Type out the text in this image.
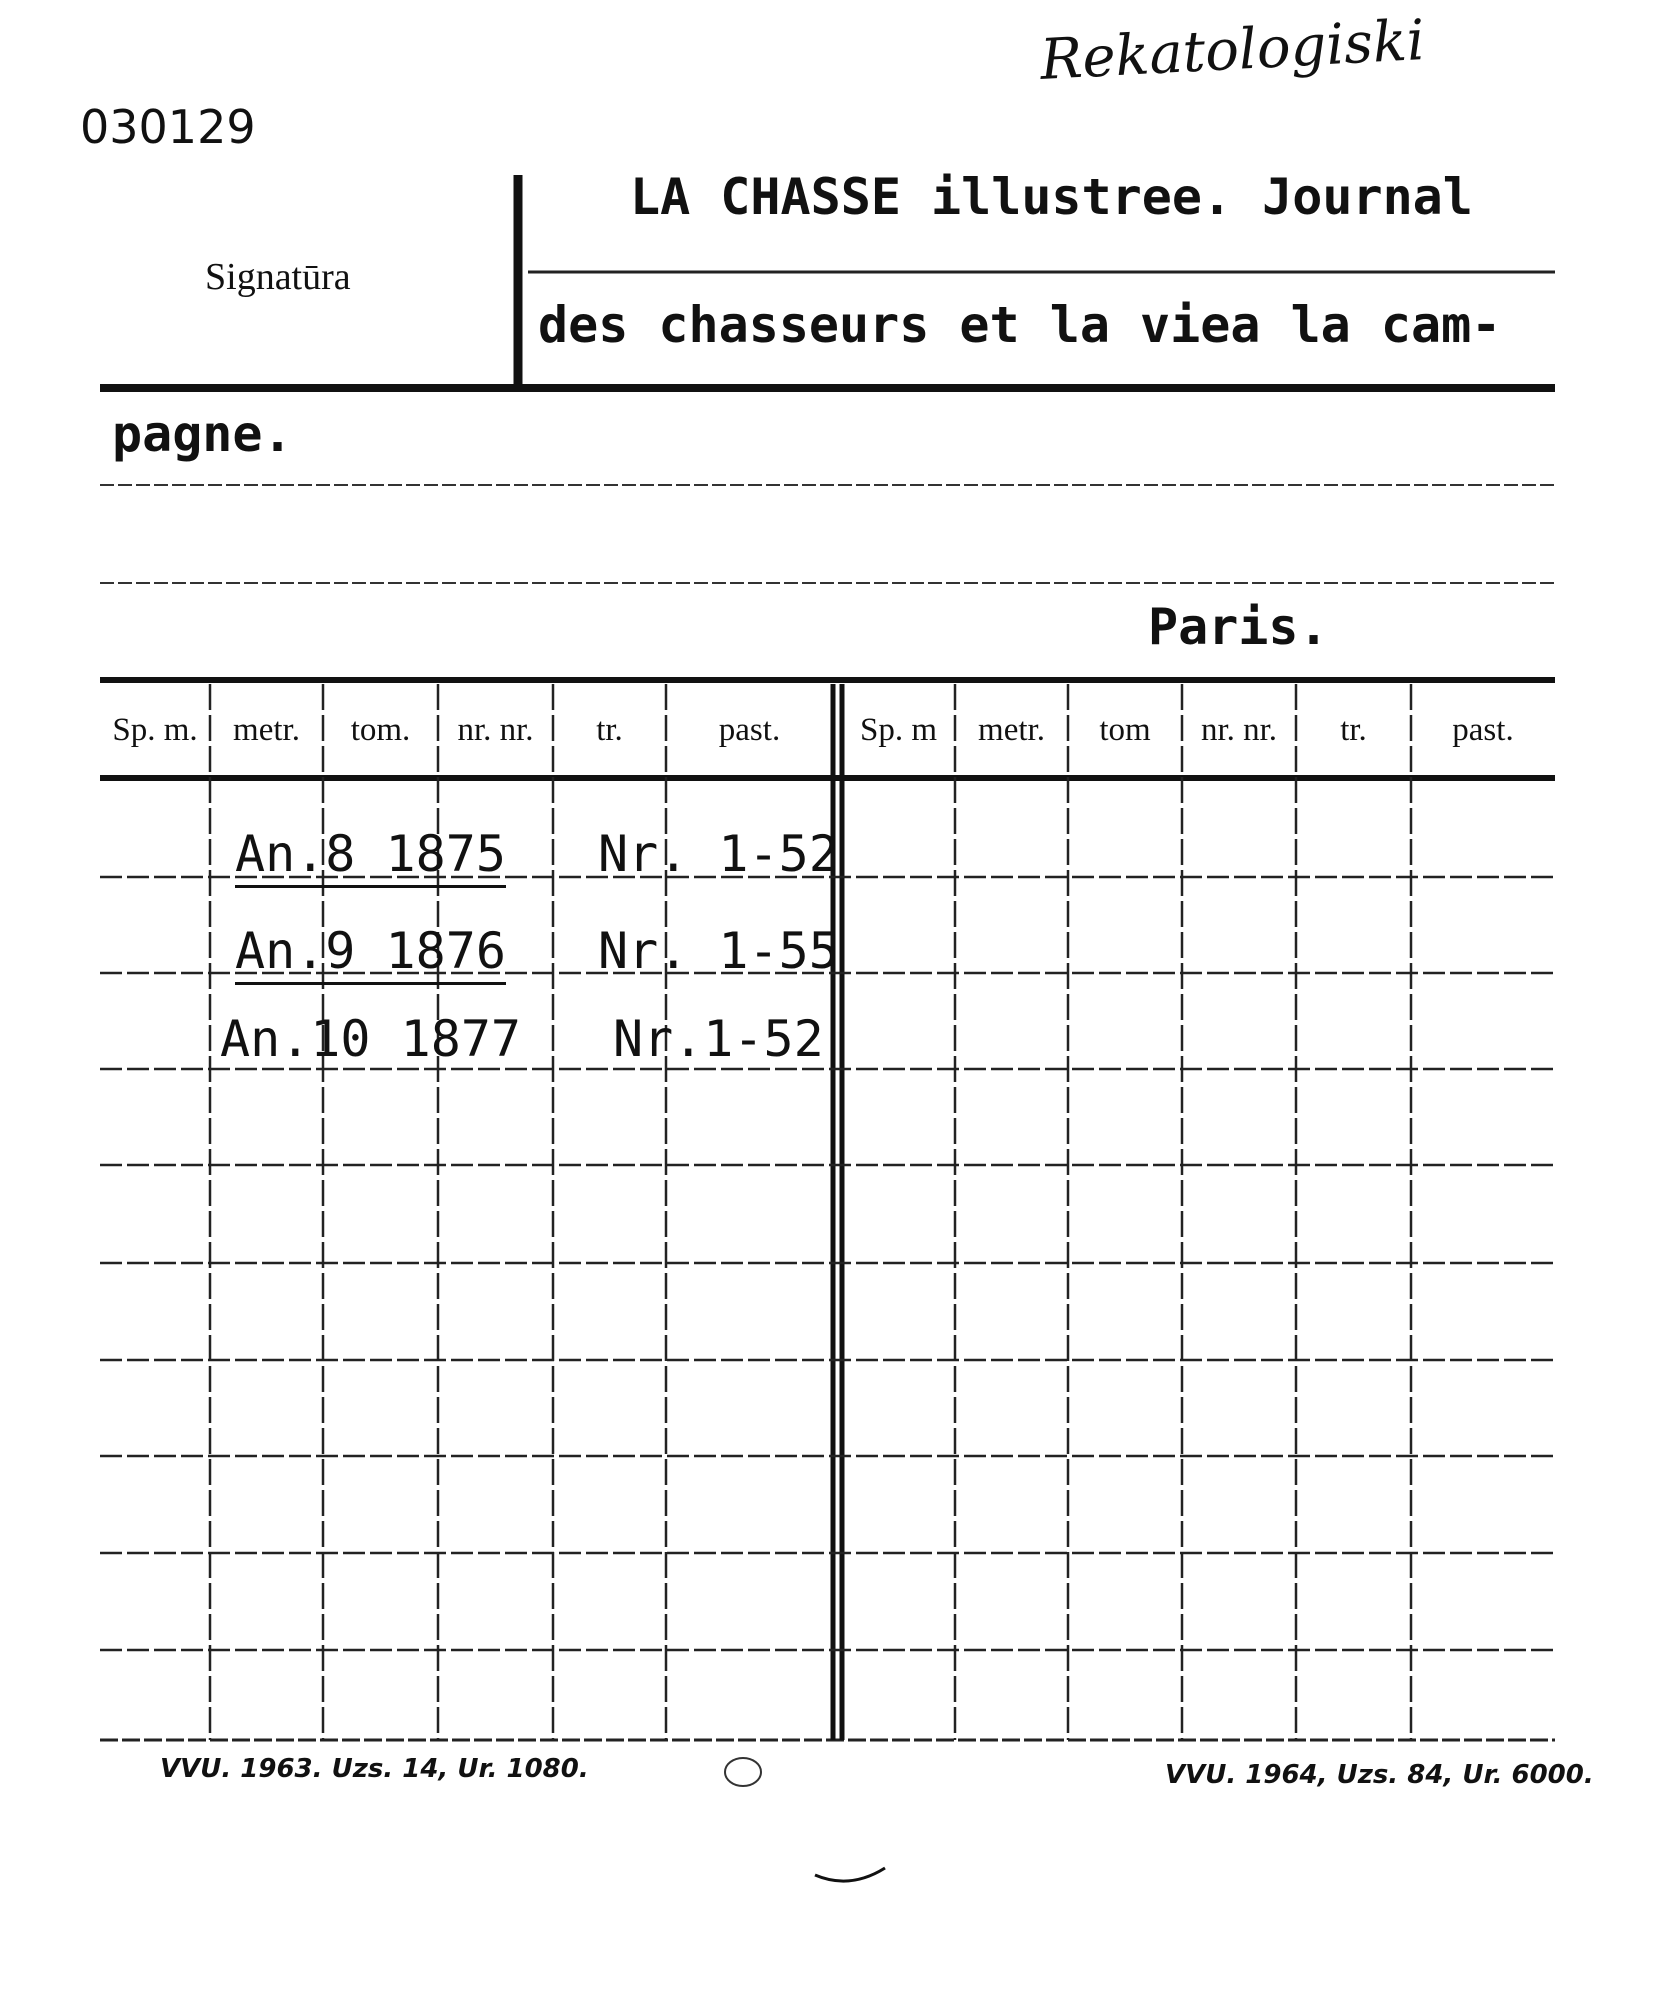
030129
Rekatologiski
Signatūra
LA CHASSE illustree. Journal
des chasseurs et la viea la cam-
pagne.
Paris.
Sp. m.	metr.	tom.	nr. nr.	tr.	past.	Sp. m	metr.	tom	nr. nr.	tr.	past.
An.8 1875 Nr. 1-52
An.9 1876 Nr. 1-55
An.10 1877 Nr.1-52
VVU. 1963. Uzs. 14, Ur. 1080.	VVU. 1964, Uzs. 84, Ur. 6000.
